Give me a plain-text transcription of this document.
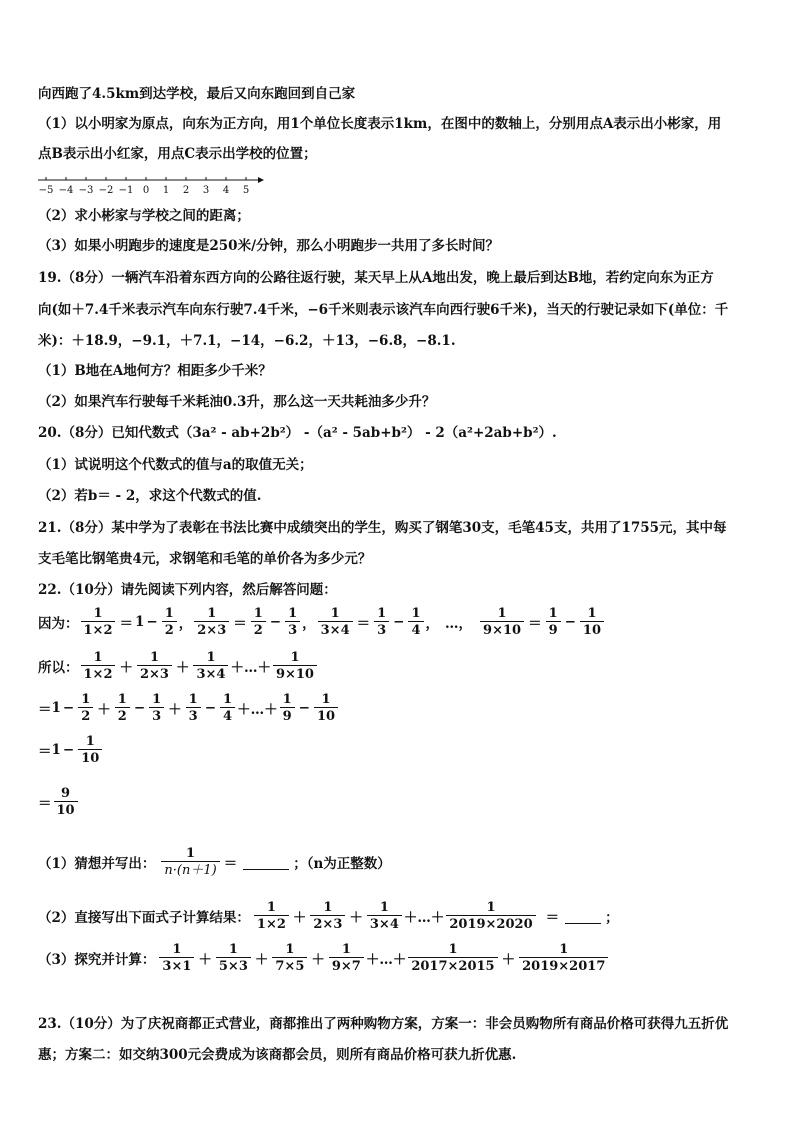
向西跑了4.5km到达学校，最后又向东跑回到自己家
（1）以小明家为原点，向东为正方向，用1个单位长度表示1km，在图中的数轴上，分别用点A表示出小彬家，用
点B表示出小红家，用点C表示出学校的位置；
−5 −4 −3 −2 −1 0 1 2 3 4 5
（2）求小彬家与学校之间的距离；
（3）如果小明跑步的速度是250米/分钟，那么小明跑步一共用了多长时间？
19.（8分）一辆汽车沿着东西方向的公路往返行驶，某天早上从A地出发，晚上最后到达B地，若约定向东为正方
向(如＋7.4千米表示汽车向东行驶7.4千米，−6千米则表示该汽车向西行驶6千米)，当天的行驶记录如下(单位：千
米)：＋18.9，−9.1，＋7.1，−14，−6.2，＋13，−6.8，−8.1.
（1）B地在A地何方？相距多少千米？
（2）如果汽车行驶每千米耗油0.3升，那么这一天共耗油多少升？
20.（8分）已知代数式（3a² - ab+2b²） -（a² - 5ab+b²） - 2（a²+2ab+b²）.
（1）试说明这个代数式的值与a的取值无关；
（2）若b＝ - 2，求这个代数式的值.
21.（8分）某中学为了表彰在书法比赛中成绩突出的学生，购买了钢笔30支，毛笔45支，共用了1755元，其中每
支毛笔比钢笔贵4元，求钢笔和毛笔的单价各为多少元？
22.（10分）请先阅读下列内容，然后解答问题：
因为： $\frac{1}{1\times 2} = 1 - \frac{1}{2}$ ， $\frac{1}{2\times 3} = \frac{1}{2} - \frac{1}{3}$ ， $\frac{1}{3\times 4} = \frac{1}{3} - \frac{1}{4}$ ， …， $\frac{1}{9\times 10} = \frac{1}{9} - \frac{1}{10}$
所以： $\frac{1}{1\times 2} + \frac{1}{2\times 3} + \frac{1}{3\times 4}$ ＋…＋ $\frac{1}{9\times 10}$
＝ $1 - \frac{1}{2} + \frac{1}{2} - \frac{1}{3} + \frac{1}{3} - \frac{1}{4}$ ＋…＋ $\frac{1}{9} - \frac{1}{10}$
＝ $1 - \frac{1}{10}$
＝ $\frac{9}{10}$
（1）猜想并写出： $\frac{1}{n\cdot(n+1)}$ ＝	；（n为正整数）
（2）直接写出下面式子计算结果： $\frac{1}{1\times 2} + \frac{1}{2\times 3} + \frac{1}{3\times 4}$ ＋…＋ $\frac{1}{2019\times 2020}$ ＝	；
（3）探究并计算： $\frac{1}{3\times 1} + \frac{1}{5\times 3} + \frac{1}{7\times 5} + \frac{1}{9\times 7}$ ＋…＋ $\frac{1}{2017\times 2015} + \frac{1}{2019\times 2017}$
23.（10分）为了庆祝商都正式营业，商都推出了两种购物方案，方案一：非会员购物所有商品价格可获得九五折优
惠；方案二：如交纳300元会费成为该商都会员，则所有商品价格可获九折优惠.
